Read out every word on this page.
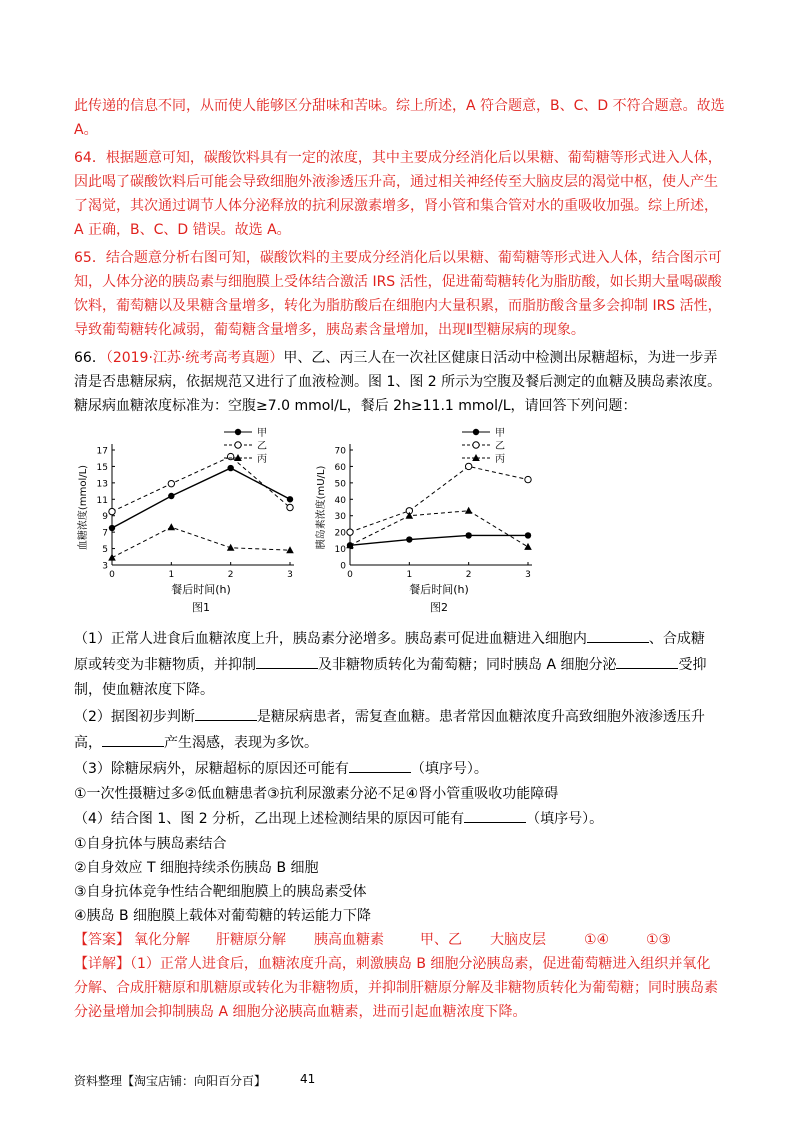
此传递的信息不同，从而使人能够区分甜味和苦味。综上所述，A 符合题意，B、C、D 不符合题意。故选
A。
64．根据题意可知，碳酸饮料具有一定的浓度，其中主要成分经消化后以果糖、葡萄糖等形式进入人体，
因此喝了碳酸饮料后可能会导致细胞外液渗透压升高，通过相关神经传至大脑皮层的渴觉中枢，使人产生
了渴觉，其次通过调节人体分泌释放的抗利尿激素增多，肾小管和集合管对水的重吸收加强。综上所述，
A 正确，B、C、D 错误。故选 A。
65．结合题意分析右图可知，碳酸饮料的主要成分经消化后以果糖、葡萄糖等形式进入人体，结合图示可
知，人体分泌的胰岛素与细胞膜上受体结合激活 IRS 活性，促进葡萄糖转化为脂肪酸，如长期大量喝碳酸
饮料，葡萄糖以及果糖含量增多，转化为脂肪酸后在细胞内大量积累，而脂肪酸含量多会抑制 IRS 活性，
导致葡萄糖转化减弱，葡萄糖含量增多，胰岛素含量增加，出现Ⅱ型糖尿病的现象。
66．（2019·江苏·统考高考真题）甲、乙、丙三人在一次社区健康日活动中检测出尿糖超标，为进一步弄
清是否患糖尿病，依据规范又进行了血液检测。图 1、图 2 所示为空腹及餐后测定的血糖及胰岛素浓度。
糖尿病血糖浓度标准为：空腹≥7.0 mmol/L，餐后 2h≥11.1 mmol/L，请回答下列问题：
3
5
7
9
11
13
15
17
0	1	2	3
餐后时间(h)
血糖浓度(mmol/L)
图1
甲
乙
丙
0
10
20
30
40
50
60
70
0	1	2	3
餐后时间(h)
胰岛素浓度(mU/L)
图2
甲
乙
丙
（1）正常人进食后血糖浓度上升，胰岛素分泌增多。胰岛素可促进血糖进入细胞内	、合成糖
原或转变为非糖物质，并抑制	及非糖物质转化为葡萄糖；同时胰岛 A 细胞分泌	受抑
制，使血糖浓度下降。
（2）据图初步判断	是糖尿病患者，需复查血糖。患者常因血糖浓度升高致细胞外液渗透压升
高，	产生渴感，表现为多饮。
（3）除糖尿病外，尿糖超标的原因还可能有	（填序号）。
①一次性摄糖过多②低血糖患者③抗利尿激素分泌不足④肾小管重吸收功能障碍
（4）结合图 1、图 2 分析，乙出现上述检测结果的原因可能有	（填序号）。
①自身抗体与胰岛素结合
②自身效应 T 细胞持续杀伤胰岛 B 细胞
③自身抗体竞争性结合靶细胞膜上的胰岛素受体
④胰岛 B 细胞膜上载体对葡萄糖的转运能力下降
【答案】 氧化分解 肝糖原分解 胰高血糖素	甲、乙 大脑皮层	①④	①③
【详解】（1）正常人进食后，血糖浓度升高，刺激胰岛 B 细胞分泌胰岛素，促进葡萄糖进入组织并氧化
分解、合成肝糖原和肌糖原或转化为非糖物质，并抑制肝糖原分解及非糖物质转化为葡萄糖；同时胰岛素
分泌量增加会抑制胰岛 A 细胞分泌胰高血糖素，进而引起血糖浓度下降。
资料整理【淘宝店铺：向阳百分百】	41
